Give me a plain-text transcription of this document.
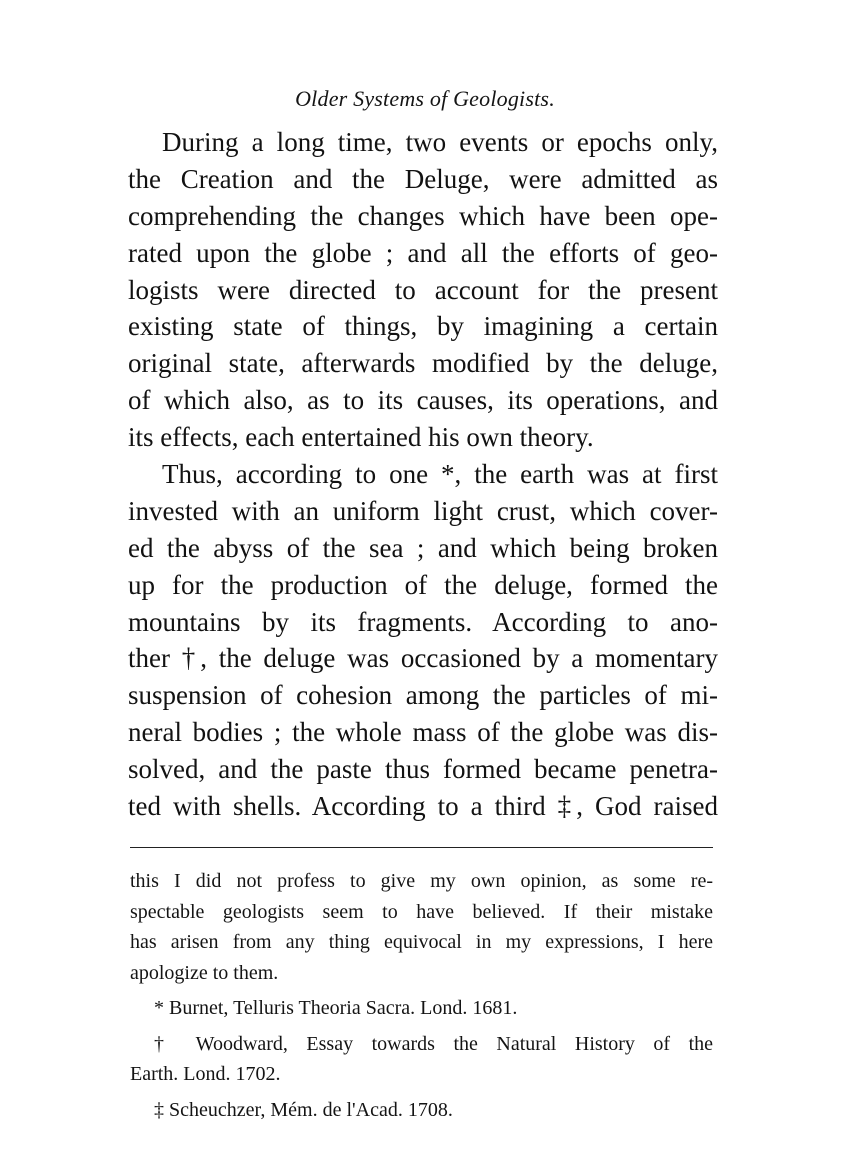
Older Systems of Geologists.
During a long time, two events or epochs only,
the Creation and the Deluge, were admitted as
comprehending the changes which have been ope-
rated upon the globe ; and all the efforts of geo-
logists were directed to account for the present
existing state of things, by imagining a certain
original state, afterwards modified by the deluge,
of which also, as to its causes, its operations, and
its effects, each entertained his own theory.
Thus, according to one *, the earth was at first
invested with an uniform light crust, which cover-
ed the abyss of the sea ; and which being broken
up for the production of the deluge, formed the
mountains by its fragments. According to ano-
ther †, the deluge was occasioned by a momentary
suspension of cohesion among the particles of mi-
neral bodies ; the whole mass of the globe was dis-
solved, and the paste thus formed became penetra-
ted with shells. According to a third ‡, God raised
this I did not profess to give my own opinion, as some re-
spectable geologists seem to have believed. If their mistake
has arisen from any thing equivocal in my expressions, I here
apologize to them.
* Burnet, Telluris Theoria Sacra. Lond. 1681.
† Woodward, Essay towards the Natural History of the
Earth. Lond. 1702.
‡ Scheuchzer, Mém. de l'Acad. 1708.
